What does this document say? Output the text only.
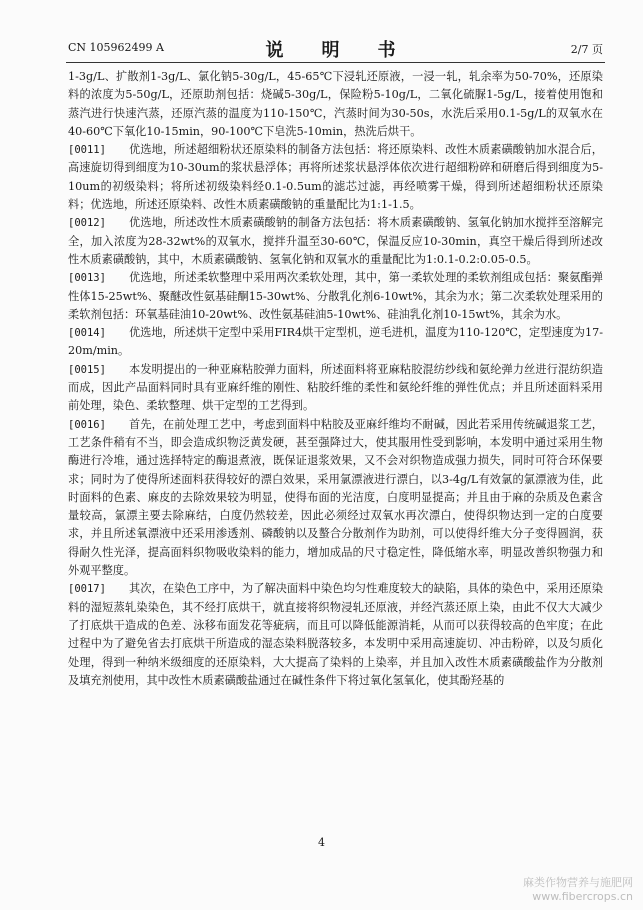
CN 105962499 A	说　明　书	2/7 页

1-3g/L、扩散剂1-3g/L、氯化钠5-30g/L，45-65℃下浸轧还原液，一浸一轧，轧余率为50-70%，还原染料的浓度为5-50g/L，还原助剂包括：烧碱5-30g/L，保险粉5-10g/L，二氧化硫脲1-5g/L，接着使用饱和蒸汽进行快速汽蒸，还原汽蒸的温度为110-150℃，汽蒸时间为30-50s，水洗后采用0.1-5g/L的双氧水在40-60℃下氧化10-15min，90-100℃下皂洗5-10min，热洗后烘干。

[0011] 优选地，所述超细粉状还原染料的制备方法包括：将还原染料、改性木质素磺酸钠加水混合后，高速旋切得到细度为10-30um的浆状悬浮体；再将所述浆状悬浮体依次进行超细粉碎和研磨后得到细度为5-10um的初级染料；将所述初级染料经0.1-0.5um的滤芯过滤，再经喷雾干燥，得到所述超细粉状还原染料；优选地，所述还原染料、改性木质素磺酸钠的重量配比为1:1-1.5。

[0012] 优选地，所述改性木质素磺酸钠的制备方法包括：将木质素磺酸钠、氢氧化钠加水搅拌至溶解完全，加入浓度为28-32wt%的双氧水，搅拌升温至30-60℃，保温反应10-30min，真空干燥后得到所述改性木质素磺酸钠，其中，木质素磺酸钠、氢氧化钠和双氧水的重量配比为1:0.1-0.2:0.05-0.5。

[0013] 优选地，所述柔软整理中采用两次柔软处理，其中，第一柔软处理的柔软剂组成包括：聚氨酯弹性体15-25wt%、聚醚改性氨基硅酮15-30wt%、分散乳化剂6-10wt%，其余为水；第二次柔软处理采用的柔软剂包括：环氧基硅油10-20wt%、改性氨基硅油5-10wt%、硅油乳化剂10-15wt%，其余为水。

[0014] 优选地，所述烘干定型中采用FIR4烘干定型机，逆毛进机，温度为110-120℃，定型速度为17-20m/min。

[0015] 本发明提出的一种亚麻粘胶弹力面料，所述面料将亚麻粘胶混纺纱线和氨纶弹力丝进行混纺织造而成，因此产品面料同时具有亚麻纤维的刚性、粘胶纤维的柔性和氨纶纤维的弹性优点；并且所述面料采用前处理，染色、柔软整理、烘干定型的工艺得到。

[0016] 首先，在前处理工艺中，考虑到面料中粘胶及亚麻纤维均不耐碱，因此若采用传统碱退浆工艺，工艺条件稍有不当，即会造成织物泛黄发硬，甚至强降过大，使其服用性受到影响，本发明中通过采用生物酶进行冷堆，通过选择特定的酶退煮液，既保证退浆效果，又不会对织物造成强力损失，同时可符合环保要求；同时为了使得所述面料获得较好的漂白效果，采用氯漂液进行漂白，以3-4g/L有效氯的氯漂液为佳，此时面料的色素、麻皮的去除效果较为明显，使得布面的光洁度，白度明显提高；并且由于麻的杂质及色素含量较高，氯漂主要去除麻结，白度仍然较差，因此必须经过双氧水再次漂白，使得织物达到一定的白度要求，并且所述氧漂液中还采用渗透剂、磷酸钠以及螯合分散剂作为助剂，可以使得纤维大分子变得圆润，获得耐久性光泽，提高面料织物吸收染料的能力，增加成品的尺寸稳定性，降低缩水率，明显改善织物强力和外观平整度。

[0017] 其次，在染色工序中，为了解决面料中染色均匀性难度较大的缺陷，具体的染色中，采用还原染料的湿短蒸轧染染色，其不经打底烘干，就直接将织物浸轧还原液，并经汽蒸还原上染，由此不仅大大减少了打底烘干造成的色差、泳移布面发花等疵病，而且可以降低能源消耗，从而可以获得较高的色牢度；在此过程中为了避免省去打底烘干所造成的湿态染料脱落较多，本发明中采用高速旋切、冲击粉碎，以及匀质化处理，得到一种纳米级细度的还原染料，大大提高了染料的上染率，并且加入改性木质素磺酸盐作为分散剂及填充剂使用，其中改性木质素磺酸盐通过在碱性条件下将过氧化氢氧化，使其酚羟基的

4
麻类作物营养与施肥网
www.fibercrops.cn
